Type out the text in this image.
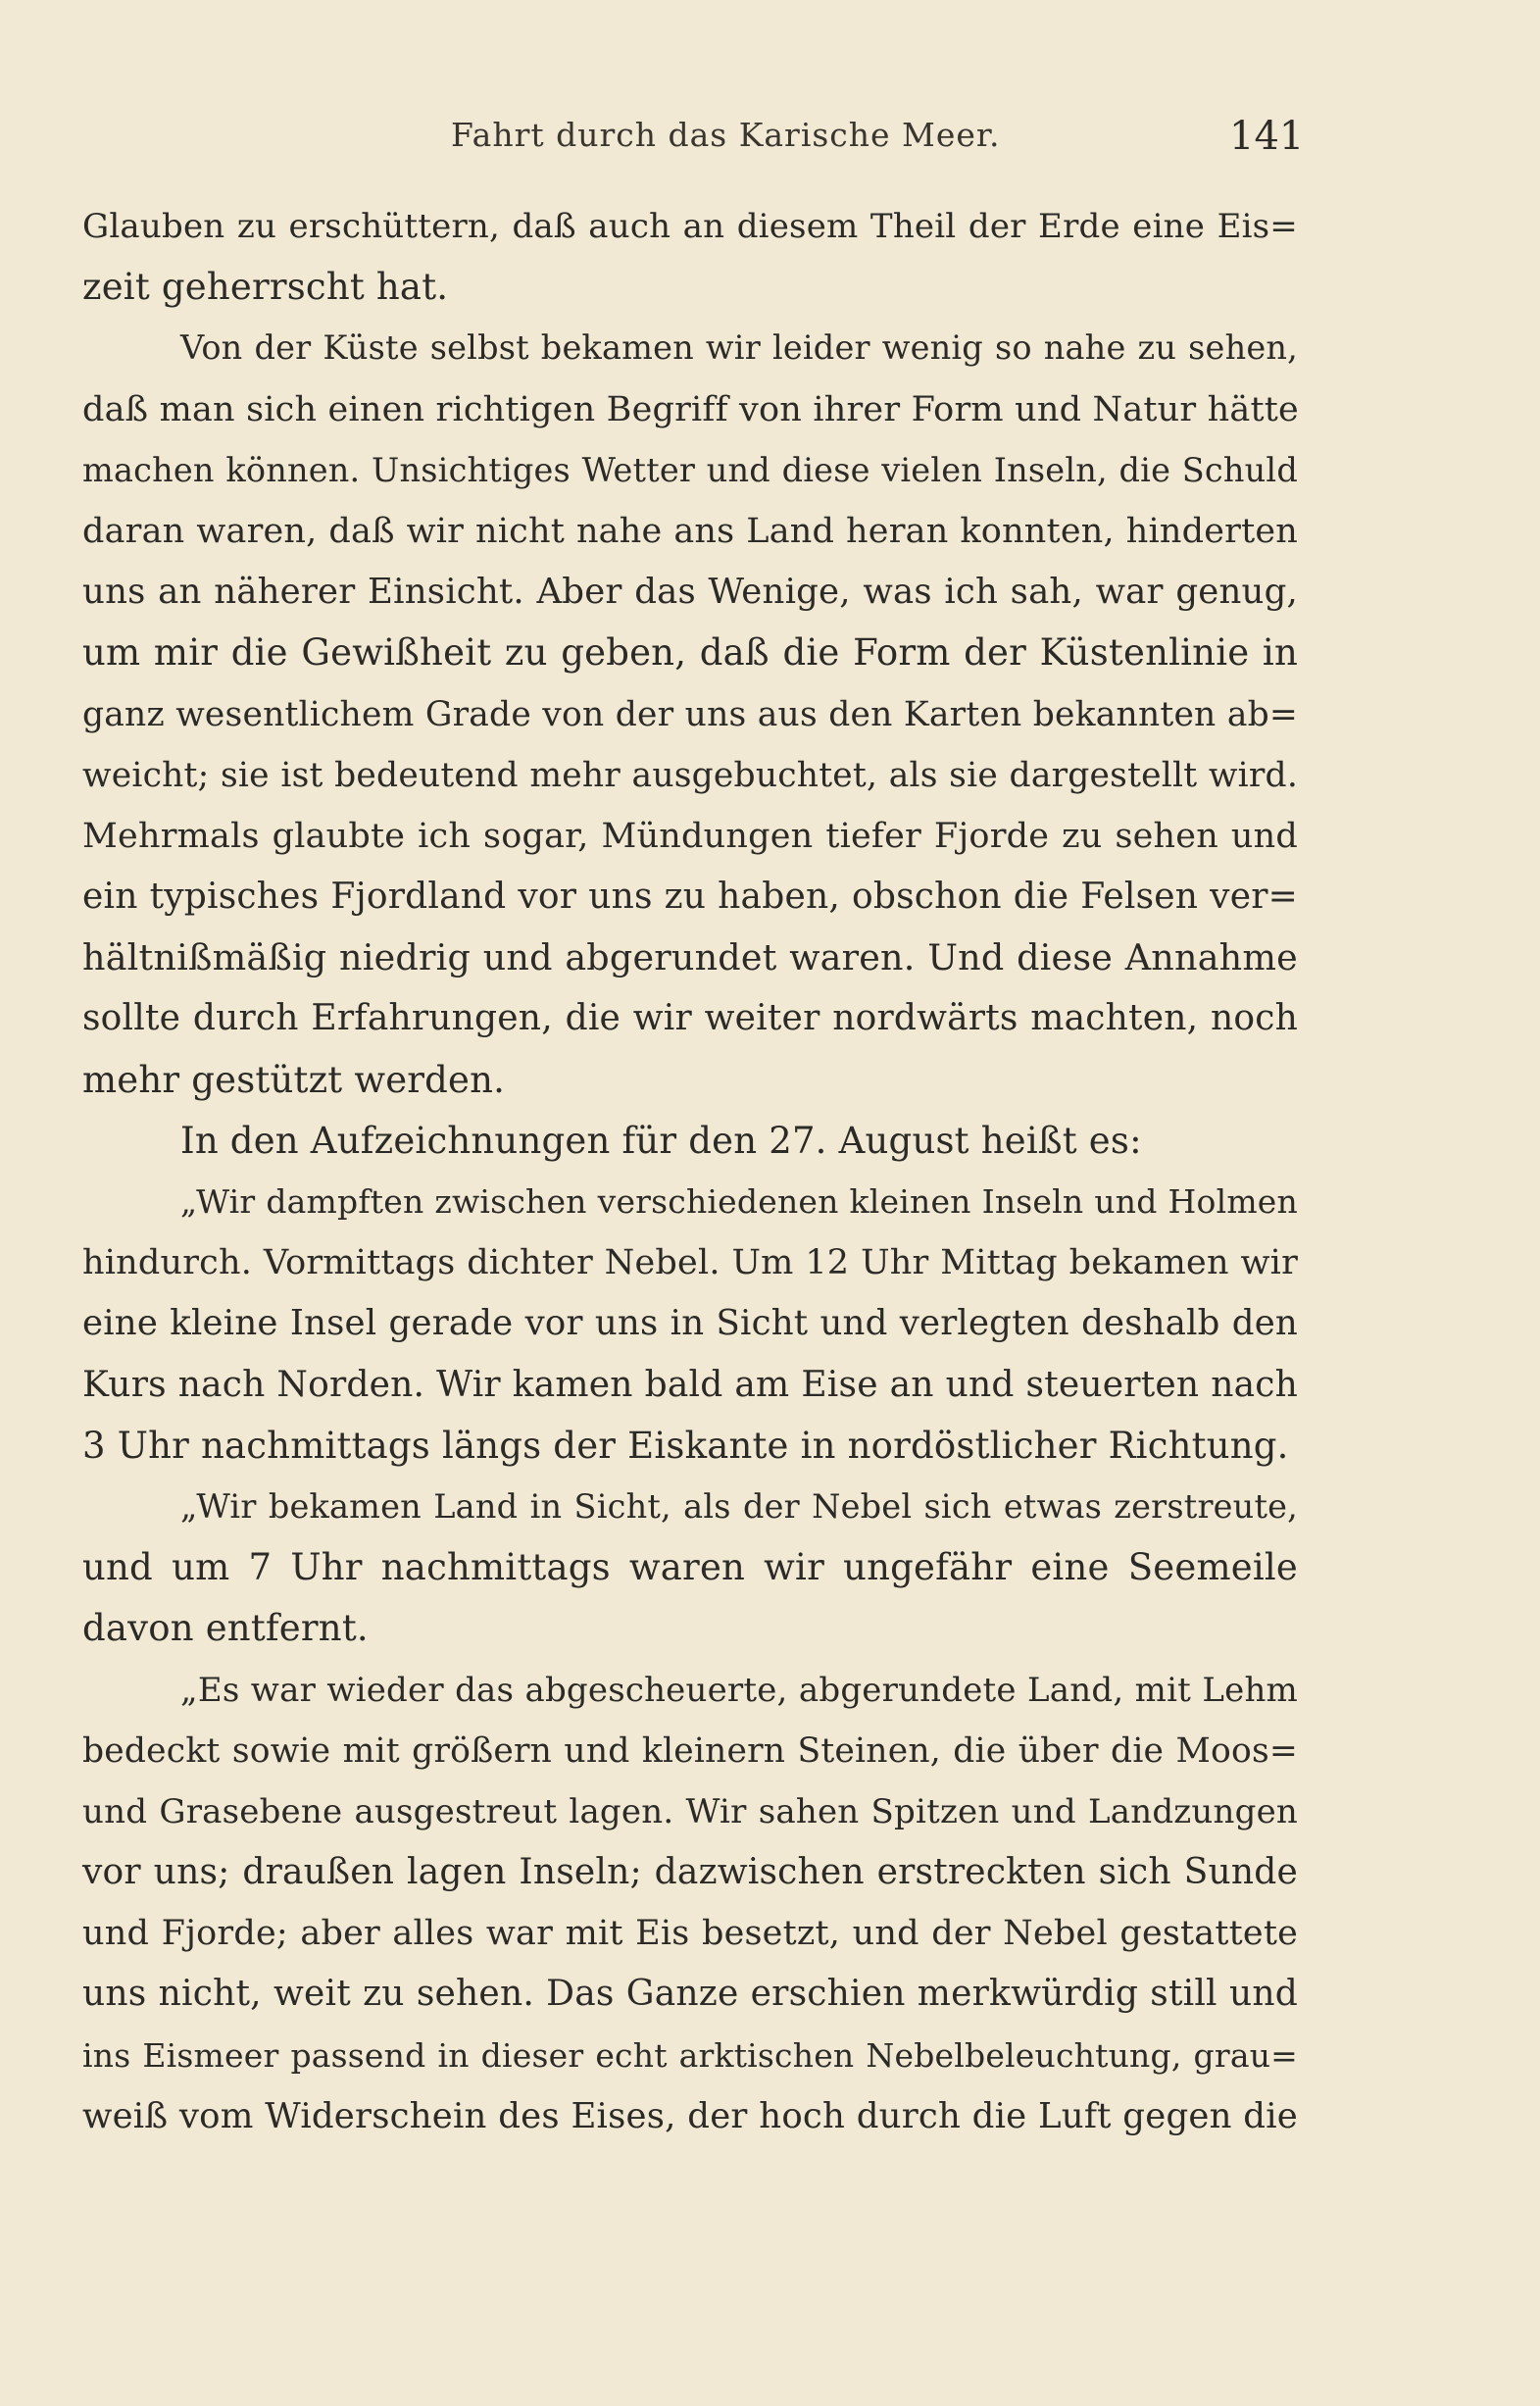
Fahrt durch das Karische Meer.	141
Glauben zu erschüttern, daß auch an diesem Theil der Erde eine Eis=
zeit geherrscht hat.
Von der Küste selbst bekamen wir leider wenig so nahe zu sehen,
daß man sich einen richtigen Begriff von ihrer Form und Natur hätte
machen können. Unsichtiges Wetter und diese vielen Inseln, die Schuld
daran waren, daß wir nicht nahe ans Land heran konnten, hinderten
uns an näherer Einsicht. Aber das Wenige, was ich sah, war genug,
um mir die Gewißheit zu geben, daß die Form der Küstenlinie in
ganz wesentlichem Grade von der uns aus den Karten bekannten ab=
weicht; sie ist bedeutend mehr ausgebuchtet, als sie dargestellt wird.
Mehrmals glaubte ich sogar, Mündungen tiefer Fjorde zu sehen und
ein typisches Fjordland vor uns zu haben, obschon die Felsen ver=
hältnißmäßig niedrig und abgerundet waren. Und diese Annahme
sollte durch Erfahrungen, die wir weiter nordwärts machten, noch
mehr gestützt werden.
In den Aufzeichnungen für den 27. August heißt es:
„Wir dampften zwischen verschiedenen kleinen Inseln und Holmen
hindurch. Vormittags dichter Nebel. Um 12 Uhr Mittag bekamen wir
eine kleine Insel gerade vor uns in Sicht und verlegten deshalb den
Kurs nach Norden. Wir kamen bald am Eise an und steuerten nach
3 Uhr nachmittags längs der Eiskante in nordöstlicher Richtung.
„Wir bekamen Land in Sicht, als der Nebel sich etwas zerstreute,
und um 7 Uhr nachmittags waren wir ungefähr eine Seemeile
davon entfernt.
„Es war wieder das abgescheuerte, abgerundete Land, mit Lehm
bedeckt sowie mit größern und kleinern Steinen, die über die Moos=
und Grasebene ausgestreut lagen. Wir sahen Spitzen und Landzungen
vor uns; draußen lagen Inseln; dazwischen erstreckten sich Sunde
und Fjorde; aber alles war mit Eis besetzt, und der Nebel gestattete
uns nicht, weit zu sehen. Das Ganze erschien merkwürdig still und
ins Eismeer passend in dieser echt arktischen Nebelbeleuchtung, grau=
weiß vom Widerschein des Eises, der hoch durch die Luft gegen die
